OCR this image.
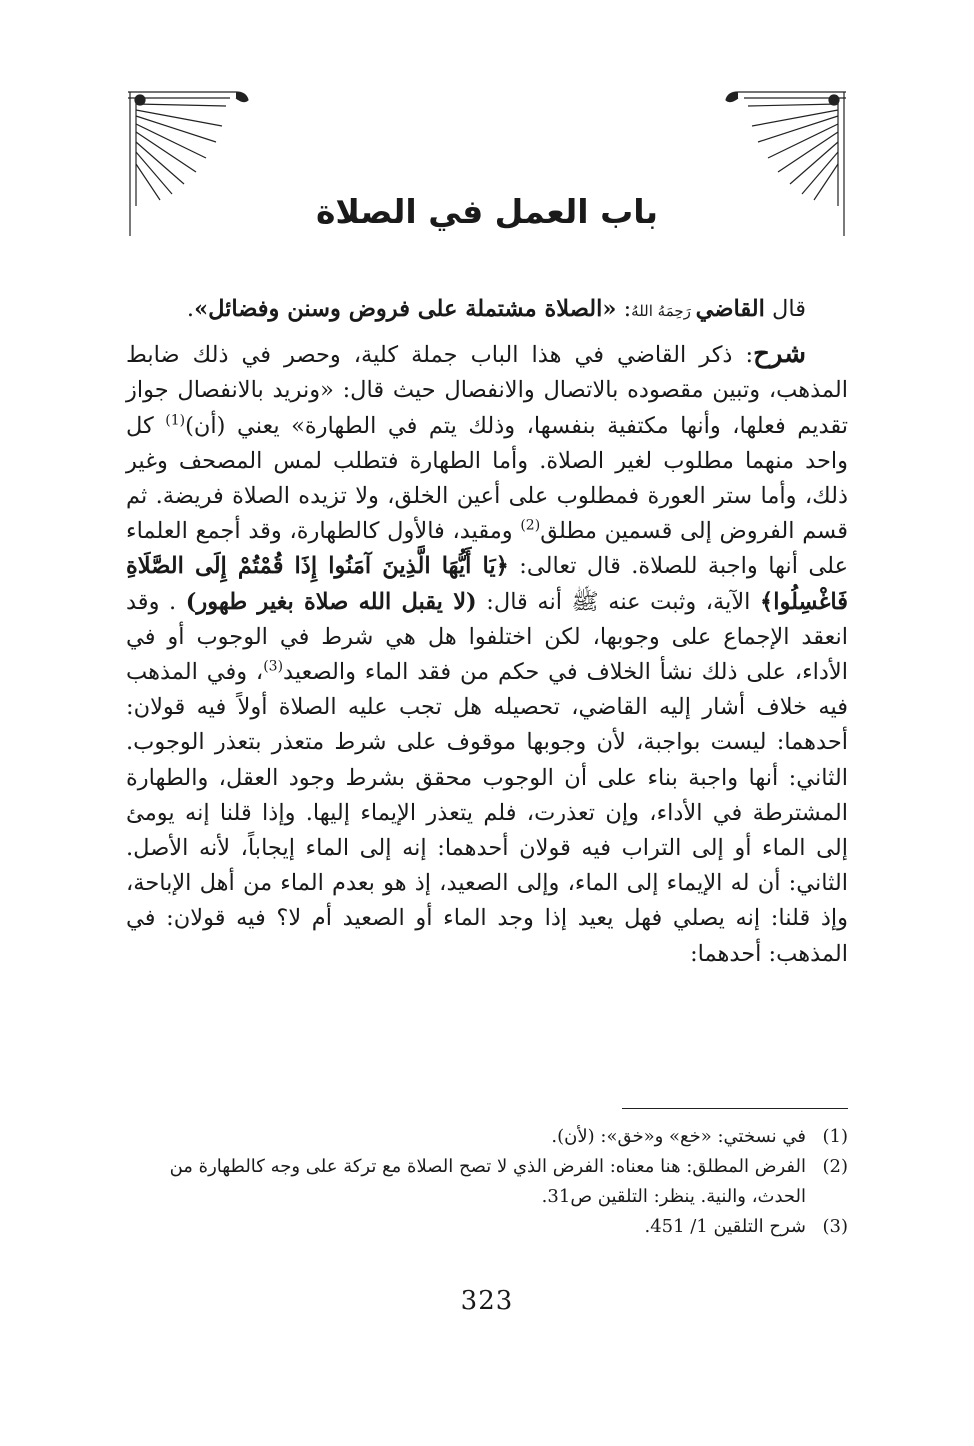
باب العمل في الصلاة

قال القاضي رَحِمَهُ اللهُ: «الصلاة مشتملة على فروض وسنن وفضائل».

شرح: ذكر القاضي في هذا الباب جملة كلية، وحصر في ذلك ضابط المذهب، وتبين مقصوده بالاتصال والانفصال حيث قال: «ونريد بالانفصال جواز تقديم فعلها، وأنها مكتفية بنفسها، وذلك يتم في الطهارة» يعني (أن)$^{(1)}$ كل واحد منهما مطلوب لغير الصلاة. وأما الطهارة فتطلب لمس المصحف وغير ذلك، وأما ستر العورة فمطلوب على أعين الخلق، ولا تزيده الصلاة فريضة. ثم قسم الفروض إلى قسمين مطلق$^{(2)}$ ومقيد، فالأول كالطهارة، وقد أجمع العلماء على أنها واجبة للصلاة. قال تعالى: ﴿يَا أَيُّهَا الَّذِينَ آمَنُوا إِذَا قُمْتُمْ إِلَى الصَّلَاةِ فَاغْسِلُوا﴾ الآية، وثبت عنه ﷺ أنه قال: (لا يقبل الله صلاة بغير طهور) . وقد انعقد الإجماع على وجوبها، لكن اختلفوا هل هي شرط في الوجوب أو في الأداء، على ذلك نشأ الخلاف في حكم من فقد الماء والصعيد$^{(3)}$، وفي المذهب فيه خلاف أشار إليه القاضي، تحصيله هل تجب عليه الصلاة أولاً فيه قولان: أحدهما: ليست بواجبة، لأن وجوبها موقوف على شرط متعذر بتعذر الوجوب. الثاني: أنها واجبة بناء على أن الوجوب محقق بشرط وجود العقل، والطهارة المشترطة في الأداء، وإن تعذرت، فلم يتعذر الإيماء إليها. وإذا قلنا إنه يومئ إلى الماء أو إلى التراب فيه قولان أحدهما: إنه إلى الماء إيجاباً، لأنه الأصل. الثاني: أن له الإيماء إلى الماء، وإلى الصعيد، إذ هو بعدم الماء من أهل الإباحة، وإذ قلنا: إنه يصلي فهل يعيد إذا وجد الماء أو الصعيد أم لا؟ فيه قولان: في المذهب: أحدهما:

(1)
في نسختي: «خع» و«خق»: (لأن).
(2)
الفرض المطلق: هنا معناه: الفرض الذي لا تصح الصلاة مع تركة على وجه كالطهارة من الحدث، والنية. ينظر: التلقين ص31.
(3)
شرح التلقين 1/ 451.
323
